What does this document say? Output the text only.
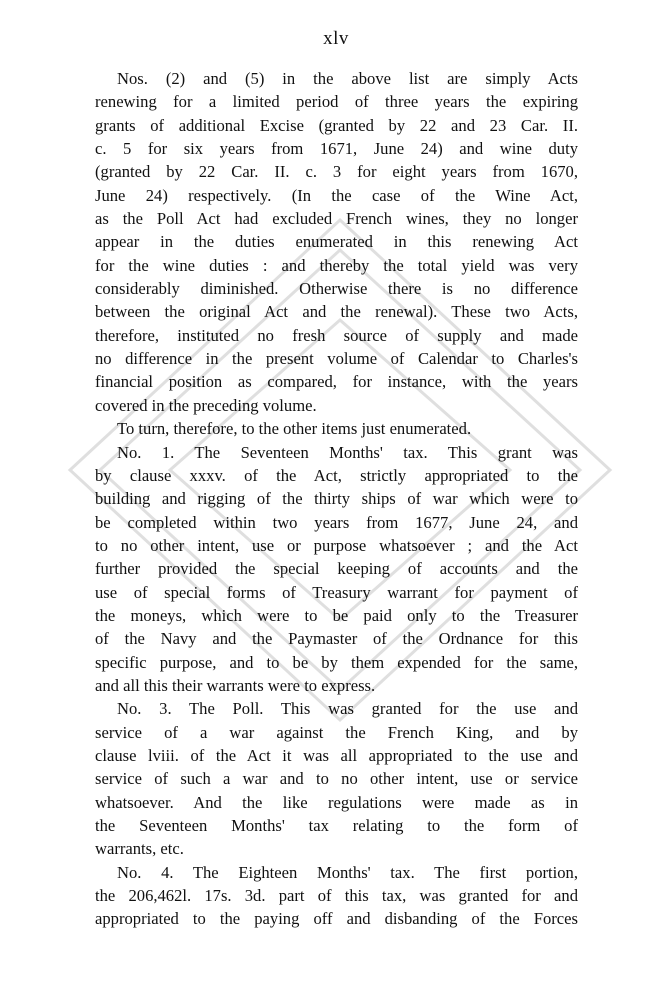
xlv

Nos. (2) and (5) in the above list are simply Acts
renewing for a limited period of three years the expiring
grants of additional Excise (granted by 22 and 23 Car. II.
c. 5 for six years from 1671, June 24) and wine duty
(granted by 22 Car. II. c. 3 for eight years from 1670,
June 24) respectively. (In the case of the Wine Act,
as the Poll Act had excluded French wines, they no longer
appear in the duties enumerated in this renewing Act
for the wine duties : and thereby the total yield was very
considerably diminished. Otherwise there is no difference
between the original Act and the renewal). These two Acts,
therefore, instituted no fresh source of supply and made
no difference in the present volume of Calendar to Charles's
financial position as compared, for instance, with the years
covered in the preceding volume.

To turn, therefore, to the other items just enumerated.

No. 1. The Seventeen Months' tax. This grant was
by clause xxxv. of the Act, strictly appropriated to the
building and rigging of the thirty ships of war which were to
be completed within two years from 1677, June 24, and
to no other intent, use or purpose whatsoever ; and the Act
further provided the special keeping of accounts and the
use of special forms of Treasury warrant for payment of
the moneys, which were to be paid only to the Treasurer
of the Navy and the Paymaster of the Ordnance for this
specific purpose, and to be by them expended for the same,
and all this their warrants were to express.

No. 3. The Poll. This was granted for the use and
service of a war against the French King, and by
clause lviii. of the Act it was all appropriated to the use and
service of such a war and to no other intent, use or service
whatsoever. And the like regulations were made as in
the Seventeen Months' tax relating to the form of
warrants, etc.

No. 4. The Eighteen Months' tax. The first portion,
the 206,462l. 17s. 3d. part of this tax, was granted for and
appropriated to the paying off and disbanding of the Forces
